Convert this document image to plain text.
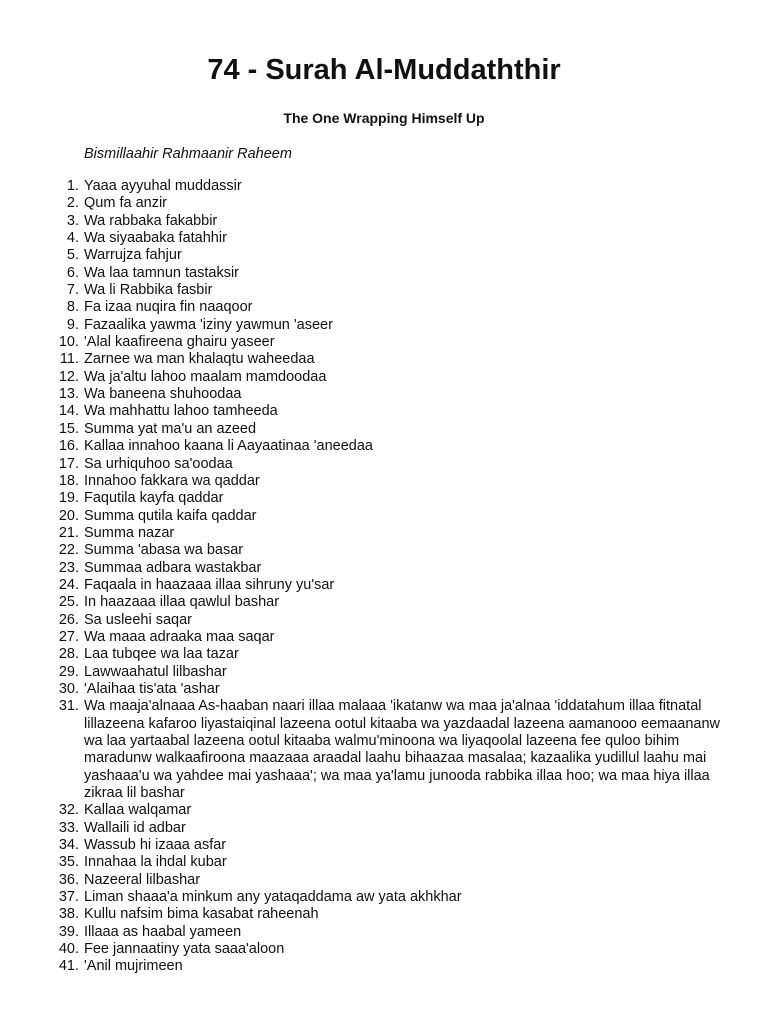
74 - Surah Al-Muddaththir
The One Wrapping Himself Up

Bismillaahir Rahmaanir Raheem

1. Yaaa ayyuhal muddassir
2. Qum fa anzir
3. Wa rabbaka fakabbir
4. Wa siyaabaka fatahhir
5. Warrujza fahjur
6. Wa laa tamnun tastaksir
7. Wa li Rabbika fasbir
8. Fa izaa nuqira fin naaqoor
9. Fazaalika yawma 'iziny yawmun 'aseer
10. 'Alal kaafireena ghairu yaseer
11. Zarnee wa man khalaqtu waheedaa
12. Wa ja'altu lahoo maalam mamdoodaa
13. Wa baneena shuhoodaa
14. Wa mahhattu lahoo tamheeda
15. Summa yat ma'u an azeed
16. Kallaa innahoo kaana li Aayaatinaa 'aneedaa
17. Sa urhiquhoo sa'oodaa
18. Innahoo fakkara wa qaddar
19. Faqutila kayfa qaddar
20. Summa qutila kaifa qaddar
21. Summa nazar
22. Summa 'abasa wa basar
23. Summaa adbara wastakbar
24. Faqaala in haazaaa illaa sihruny yu'sar
25. In haazaaa illaa qawlul bashar
26. Sa usleehi saqar
27. Wa maaa adraaka maa saqar
28. Laa tubqee wa laa tazar
29. Lawwaahatul lilbashar
30. 'Alaihaa tis'ata 'ashar
31. Wa maaja'alnaaa As-haaban naari illaa malaaa 'ikatanw wa maa ja'alnaa 'iddatahum illaa fitnatal lillazeena kafaroo liyastaiqinal lazeena ootul kitaaba wa yazdaadal lazeena aamanooo eemaananw wa laa yartaabal lazeena ootul kitaaba walmu'minoona wa liyaqoolal lazeena fee quloo bihim maradunw walkaafiroona maazaaa araadal laahu bihaazaa masalaa; kazaalika yudillul laahu mai yashaaa'u wa yahdee mai yashaaa'; wa maa ya'lamu junooda rabbika illaa hoo; wa maa hiya illaa zikraa lil bashar
32. Kallaa walqamar
33. Wallaili id adbar
34. Wassub hi izaaa asfar
35. Innahaa la ihdal kubar
36. Nazeeral lilbashar
37. Liman shaaa'a minkum any yataqaddama aw yata akhkhar
38. Kullu nafsim bima kasabat raheenah
39. Illaaa as haabal yameen
40. Fee jannaatiny yata saaa'aloon
41. 'Anil mujrimeen
